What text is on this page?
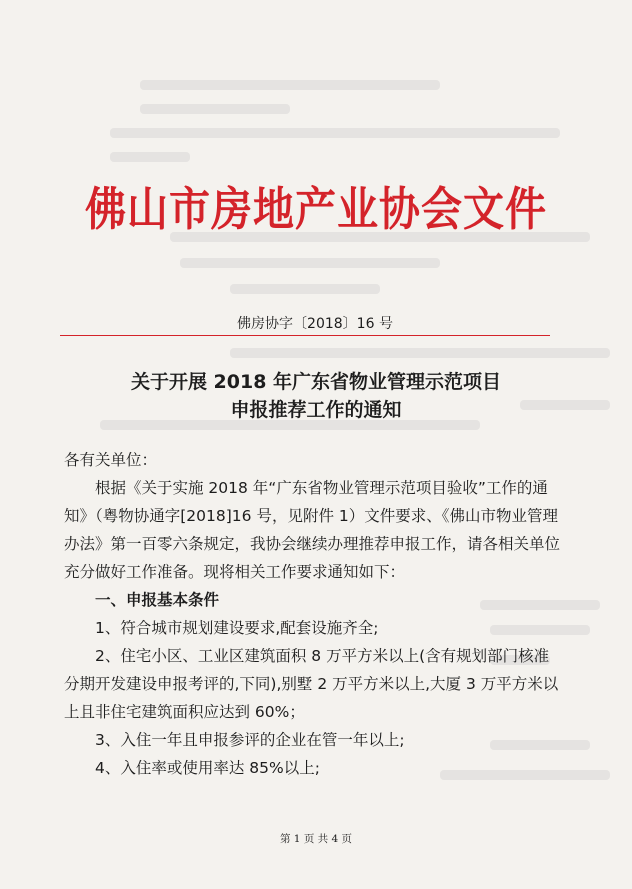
佛山市房地产业协会文件
佛房协字〔2018〕16 号
关于开展 2018 年广东省物业管理示范项目
申报推荐工作的通知

各有关单位：

根据《关于实施 2018 年“广东省物业管理示范项目验收”工作的通知》（粤物协通字[2018]16 号，见附件 1）文件要求、《佛山市物业管理办法》第一百零六条规定，我协会继续办理推荐申报工作，请各相关单位充分做好工作准备。现将相关工作要求通知如下：

一、申报基本条件

1、符合城市规划建设要求,配套设施齐全;

2、住宅小区、工业区建筑面积 8 万平方米以上(含有规划部门核准分期开发建设申报考评的,下同),别墅 2 万平方米以上,大厦 3 万平方米以上且非住宅建筑面积应达到 60%；

3、入住一年且申报参评的企业在管一年以上;

4、入住率或使用率达 85%以上;

第 1 页 共 4 页
